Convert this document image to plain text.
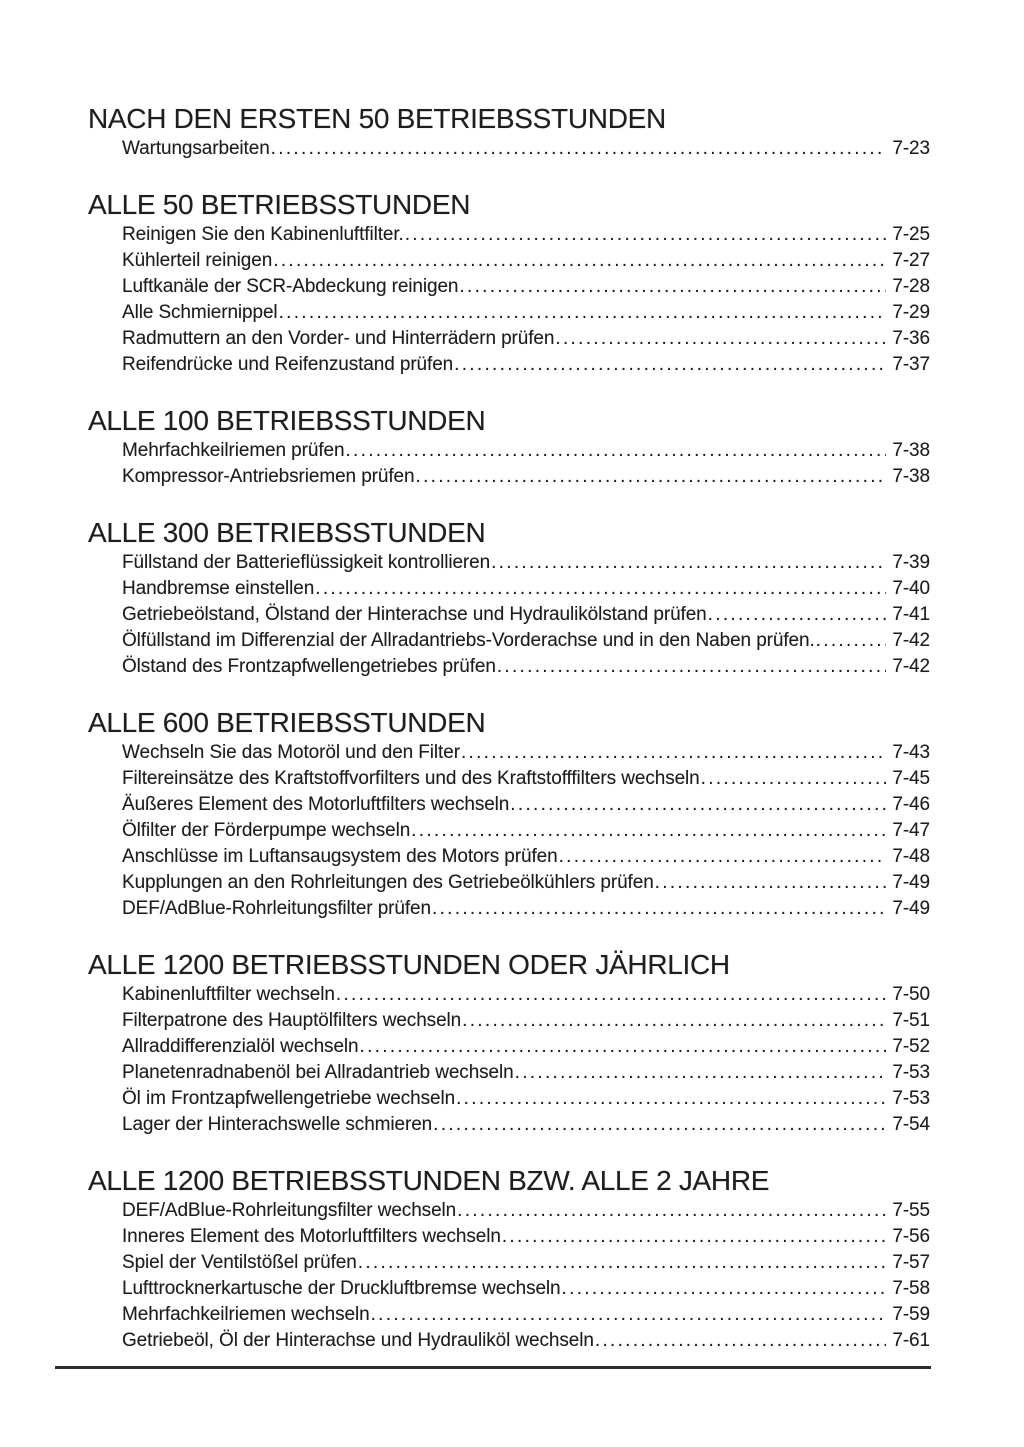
NACH DEN ERSTEN 50 BETRIEBSSTUNDEN
Wartungsarbeiten .....	7-23
ALLE 50 BETRIEBSSTUNDEN
Reinigen Sie den Kabinenluftfilter. .....	7-25
Kühlerteil reinigen .....	7-27
Luftkanäle der SCR-Abdeckung reinigen .....	7-28
Alle Schmiernippel .....	7-29
Radmuttern an den Vorder- und Hinterrädern prüfen .....	7-36
Reifendrücke und Reifenzustand prüfen .....	7-37
ALLE 100 BETRIEBSSTUNDEN
Mehrfachkeilriemen prüfen .....	7-38
Kompressor-Antriebsriemen prüfen .....	7-38
ALLE 300 BETRIEBSSTUNDEN
Füllstand der Batterieflüssigkeit kontrollieren .....	7-39
Handbremse einstellen .....	7-40
Getriebeölstand, Ölstand der Hinterachse und Hydraulikölstand prüfen .....	7-41
Ölfüllstand im Differenzial der Allradantriebs-Vorderachse und in den Naben prüfen. .....	7-42
Ölstand des Frontzapfwellengetriebes prüfen .....	7-42
ALLE 600 BETRIEBSSTUNDEN
Wechseln Sie das Motoröl und den Filter .....	7-43
Filtereinsätze des Kraftstoffvorfilters und des Kraftstofffilters wechseln .....	7-45
Äußeres Element des Motorluftfilters wechseln .....	7-46
Ölfilter der Förderpumpe wechseln .....	7-47
Anschlüsse im Luftansaugsystem des Motors prüfen .....	7-48
Kupplungen an den Rohrleitungen des Getriebeölkühlers prüfen .....	7-49
DEF/AdBlue-Rohrleitungsfilter prüfen .....	7-49
ALLE 1200 BETRIEBSSTUNDEN ODER JÄHRLICH
Kabinenluftfilter wechseln .....	7-50
Filterpatrone des Hauptölfilters wechseln .....	7-51
Allraddifferenzialöl wechseln .....	7-52
Planetenradnabenöl bei Allradantrieb wechseln .....	7-53
Öl im Frontzapfwellengetriebe wechseln .....	7-53
Lager der Hinterachswelle schmieren .....	7-54
ALLE 1200 BETRIEBSSTUNDEN BZW. ALLE 2 JAHRE
DEF/AdBlue-Rohrleitungsfilter wechseln .....	7-55
Inneres Element des Motorluftfilters wechseln .....	7-56
Spiel der Ventilstößel prüfen .....	7-57
Lufttrocknerkartusche der Druckluftbremse wechseln .....	7-58
Mehrfachkeilriemen wechseln .....	7-59
Getriebeöl, Öl der Hinterachse und Hydrauliköl wechseln .....	7-61
